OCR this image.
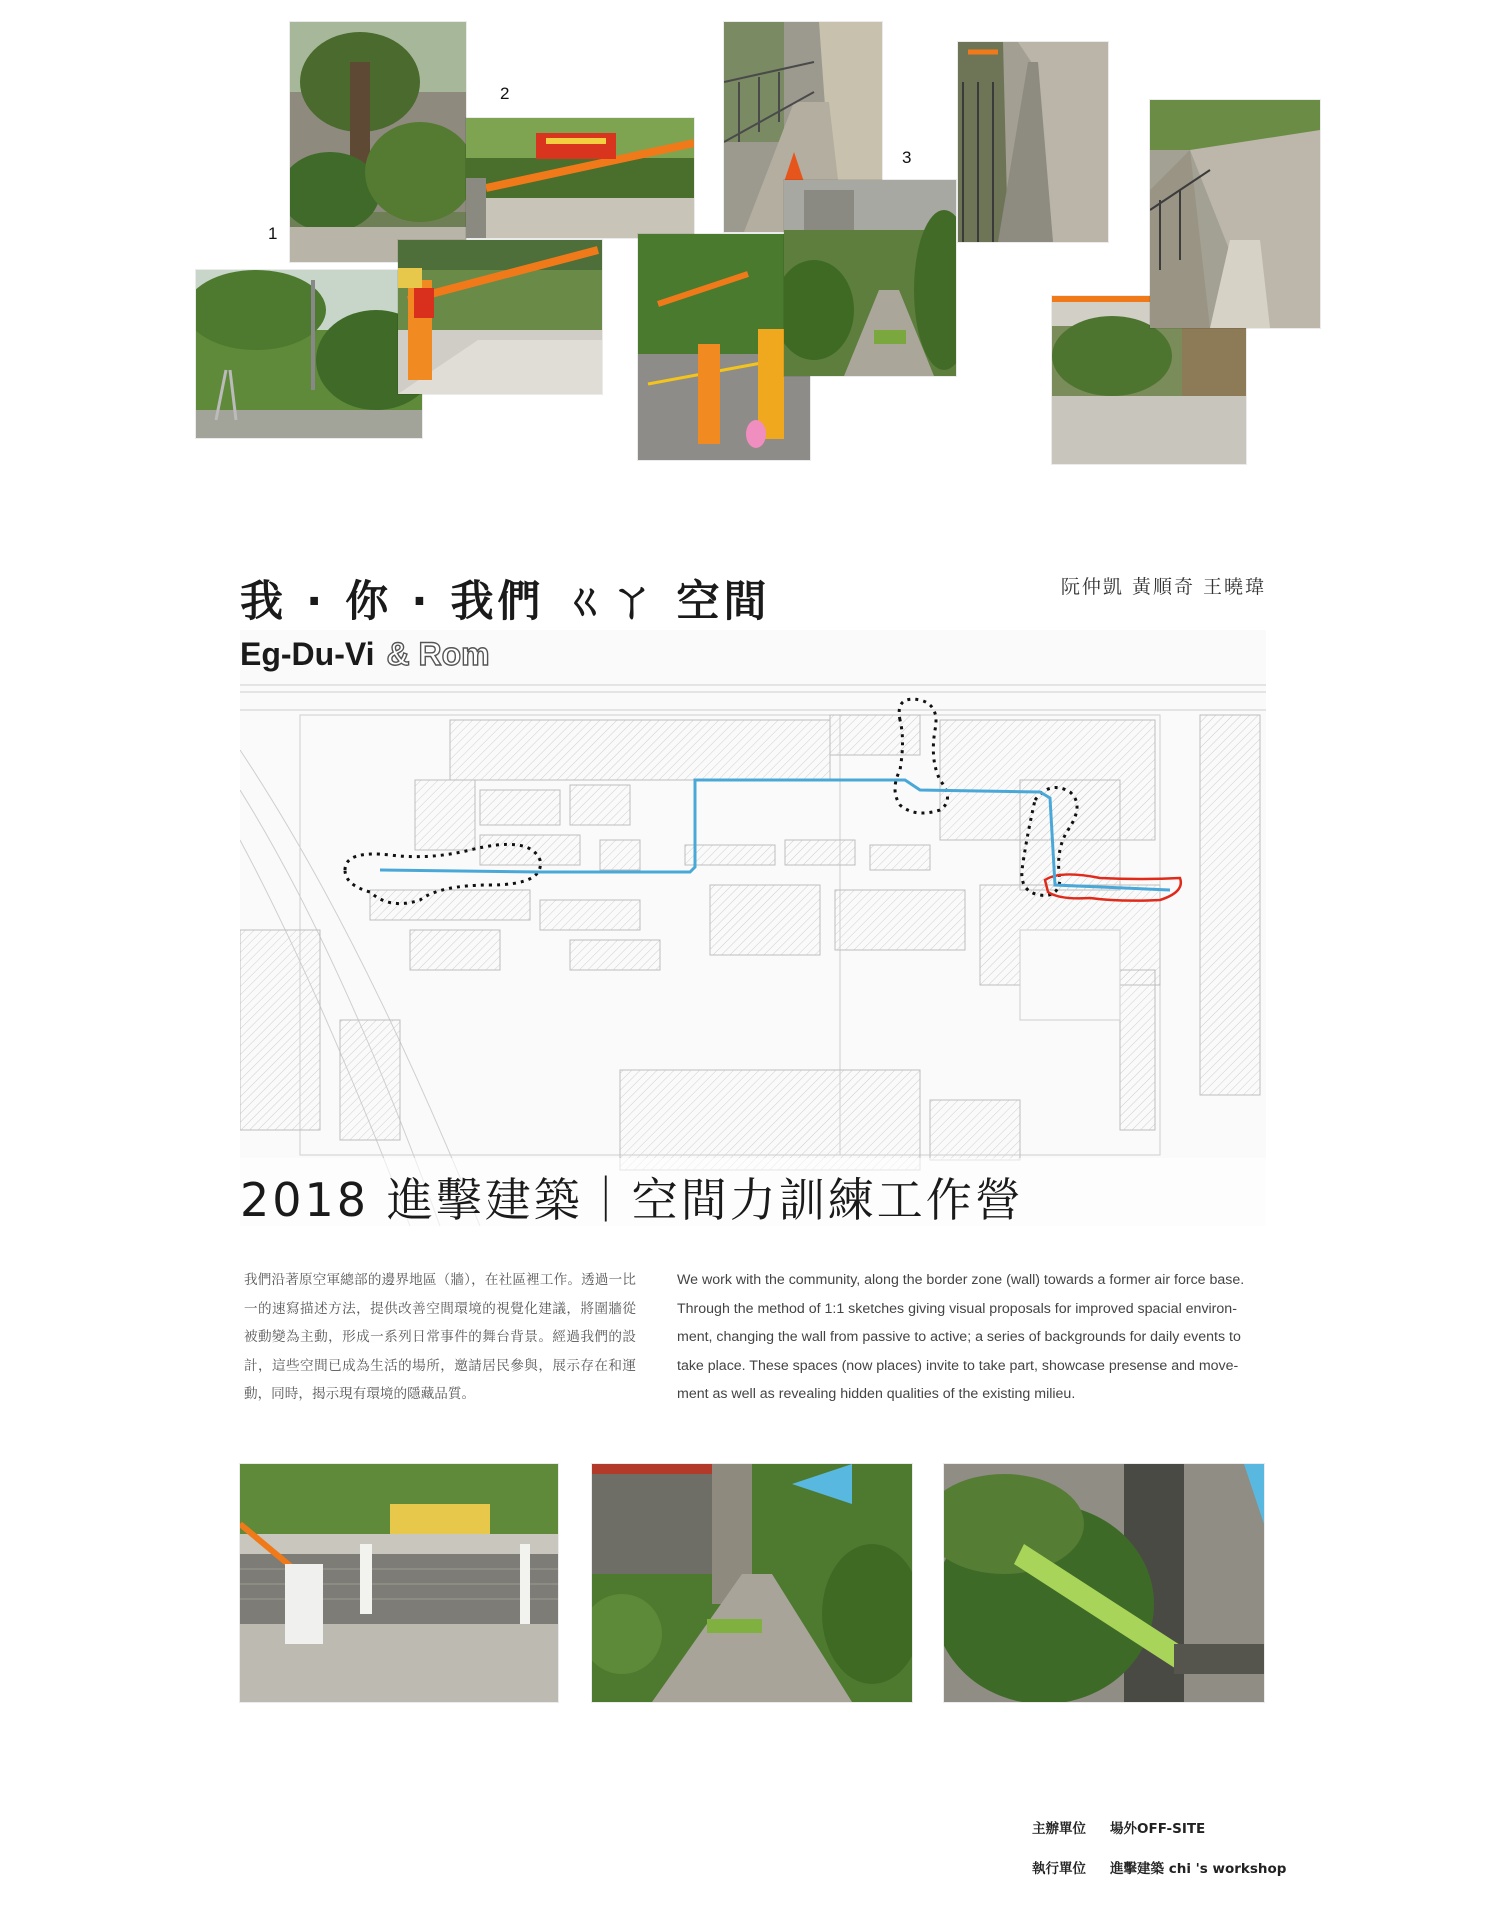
1
2
3
我 · 你 · 我們 ㄍㄚ 空間	阮仲凱 黃順奇 王曉瑋
Eg-Du-Vi & Rom
2018 進擊建築｜空間力訓練工作營
我們沿著原空軍總部的邊界地區（牆），在社區裡工作。透過一比一的速寫描述方法，提供改善空間環境的視覺化建議，將圍牆從被動變為主動，形成一系列日常事件的舞台背景。經過我們的設計，這些空間已成為生活的場所，邀請居民參與，展示存在和運動，同時，揭示現有環境的隱藏品質。
We work with the community, along the border zone (wall) towards a former air force base.
Through the method of 1:1 sketches giving visual proposals for improved spacial environ-
ment, changing the wall from passive to active; a series of backgrounds for daily events to
take place. These spaces (now places) invite to take part, showcase presense and move-
ment as well as revealing hidden qualities of the existing milieu.
主辦單位 場外OFF-SITE
執行單位 進擊建築 chi 's workshop
